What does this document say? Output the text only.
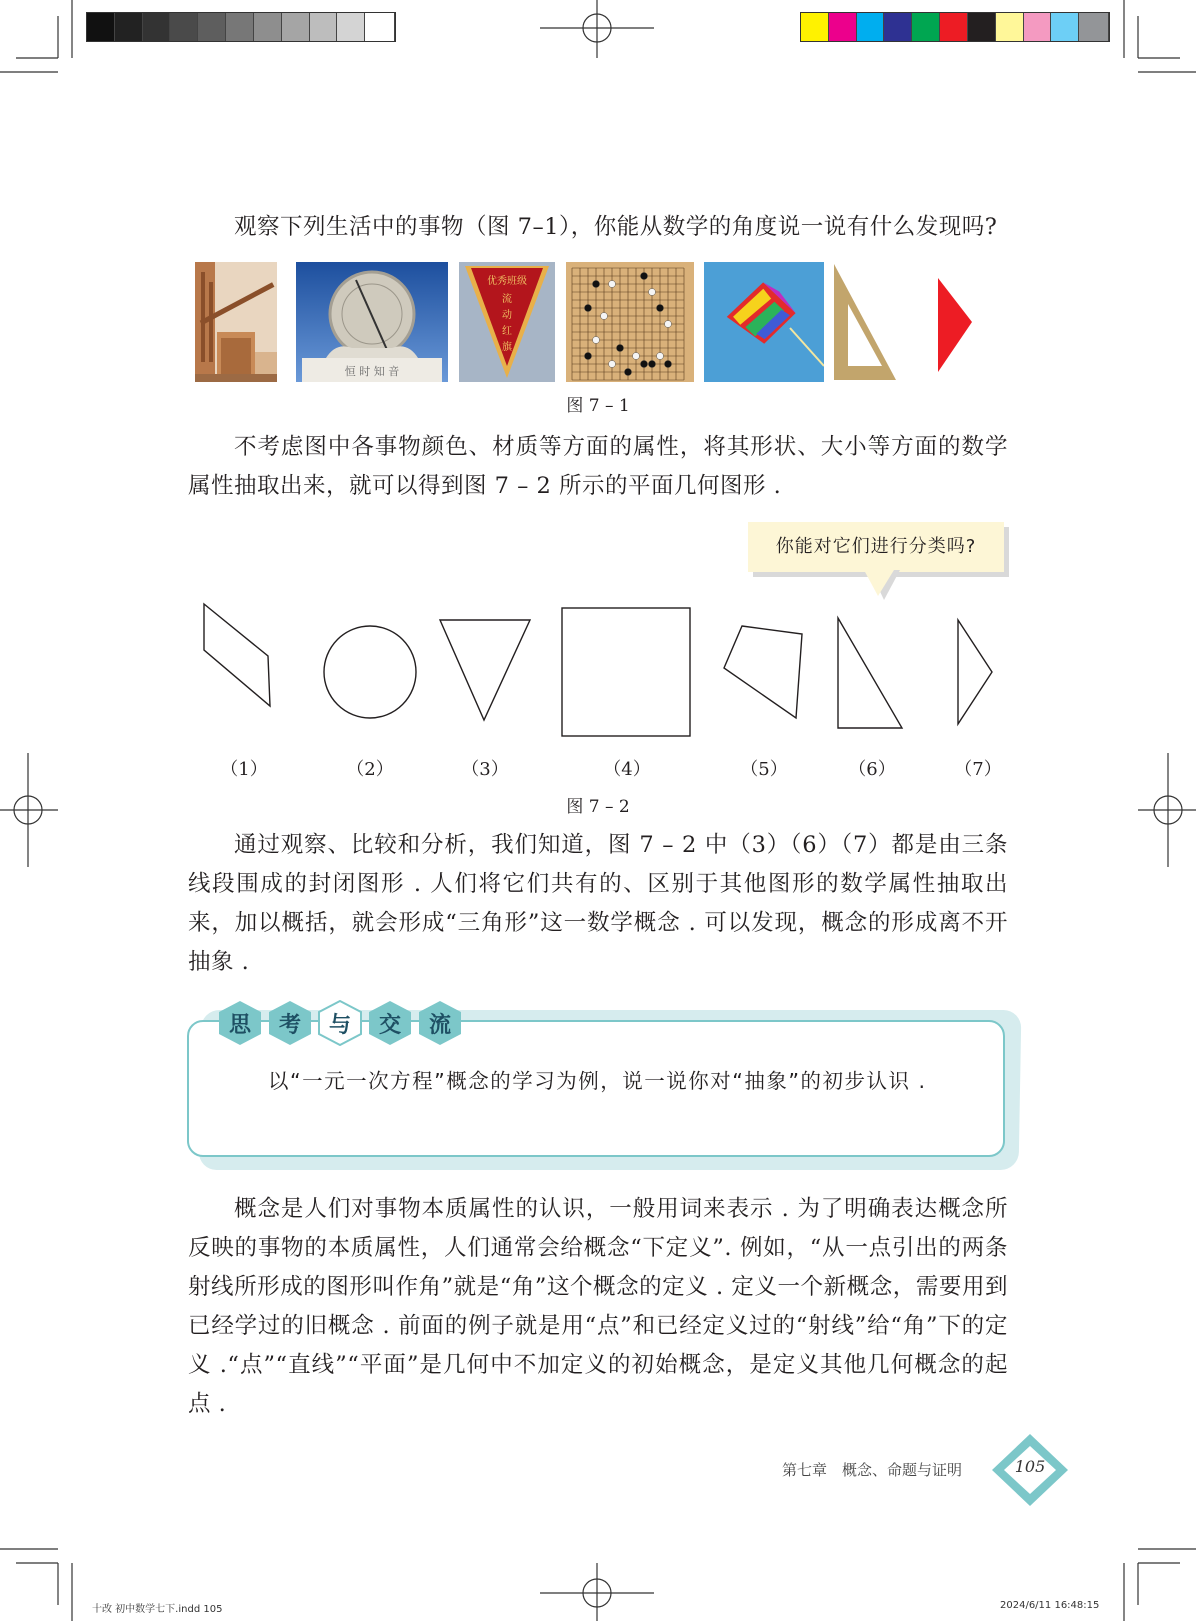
观察下列生活中的事物（图 7–1），你能从数学的角度说一说有什么发现吗?
恒 时 知 音
优秀班级
流
动
红
旗
图 7 – 1
不考虑图中各事物颜色、材质等方面的属性，将其形状、大小等方面的数学属性抽取出来，就可以得到图 7 – 2 所示的平面几何图形 .
你能对它们进行分类吗?
（1）	（2）	（3）	（4）	（5）	（6）	（7）
图 7 – 2
通过观察、比较和分析，我们知道，图 7 – 2 中（3）（6）（7）都是由三条线段围成的封闭图形 . 人们将它们共有的、区别于其他图形的数学属性抽取出来，加以概括，就会形成“三角形”这一数学概念 . 可以发现，概念的形成离不开抽象 .
思 考 与 交 流
以“一元一次方程”概念的学习为例，说一说你对“抽象”的初步认识 .
概念是人们对事物本质属性的认识，一般用词来表示 . 为了明确表达概念所反映的事物的本质属性，人们通常会给概念“下定义”. 例如，“从一点引出的两条射线所形成的图形叫作角”就是“角”这个概念的定义 . 定义一个新概念，需要用到已经学过的旧概念 . 前面的例子就是用“点”和已经定义过的“射线”给“角”下的定义 .“点”“直线”“平面”是几何中不加定义的初始概念，是定义其他几何概念的起点 .
第七章　概念、命题与证明	105
十改 初中数学七下.indd 105	2024/6/11 16:48:15
